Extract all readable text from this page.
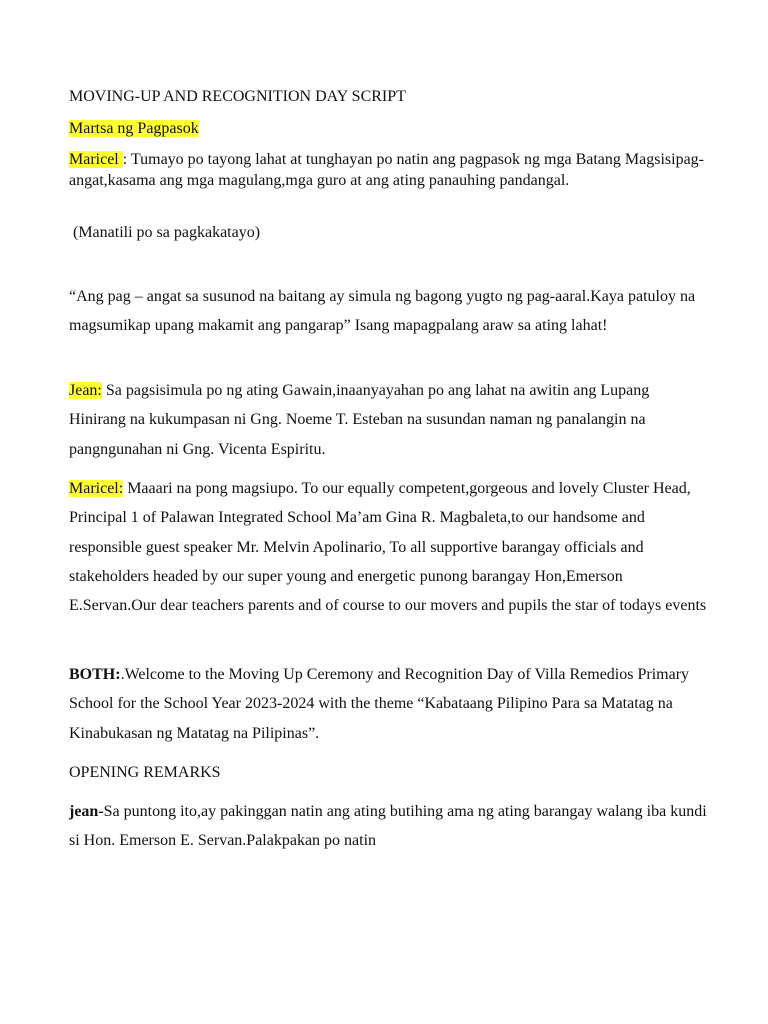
MOVING-UP AND RECOGNITION DAY SCRIPT

Martsa ng Pagpasok

Maricel : Tumayo po tayong lahat at tunghayan po natin ang pagpasok ng mga Batang Magsisipag-angat,kasama ang mga magulang,mga guro at ang ating panauhing pandangal.

(Manatili po sa pagkakatayo)

“Ang pag – angat sa susunod na baitang ay simula ng bagong yugto ng pag-aaral.Kaya patuloy na magsumikap upang makamit ang pangarap” Isang mapagpalang araw sa ating lahat!

Jean: Sa pagsisimula po ng ating Gawain,inaanyayahan po ang lahat na awitin ang Lupang Hinirang na kukumpasan ni Gng. Noeme T. Esteban na susundan naman ng panalangin na pangngunahan ni Gng. Vicenta Espiritu.

Maricel: Maaari na pong magsiupo. To our equally competent,gorgeous and lovely Cluster Head, Principal 1 of Palawan Integrated School Ma’am Gina R. Magbaleta,to our handsome and responsible guest speaker Mr. Melvin Apolinario, To all supportive barangay officials and stakeholders headed by our super young and energetic punong barangay Hon,Emerson E.Servan.Our dear teachers parents and of course to our movers and pupils the star of todays events

BOTH:.Welcome to the Moving Up Ceremony and Recognition Day of Villa Remedios Primary School for the School Year 2023-2024 with the theme “Kabataang Pilipino Para sa Matatag na Kinabukasan ng Matatag na Pilipinas”.

OPENING REMARKS

jean-Sa puntong ito,ay pakinggan natin ang ating butihing ama ng ating barangay walang iba kundi si Hon. Emerson E. Servan.Palakpakan po natin
